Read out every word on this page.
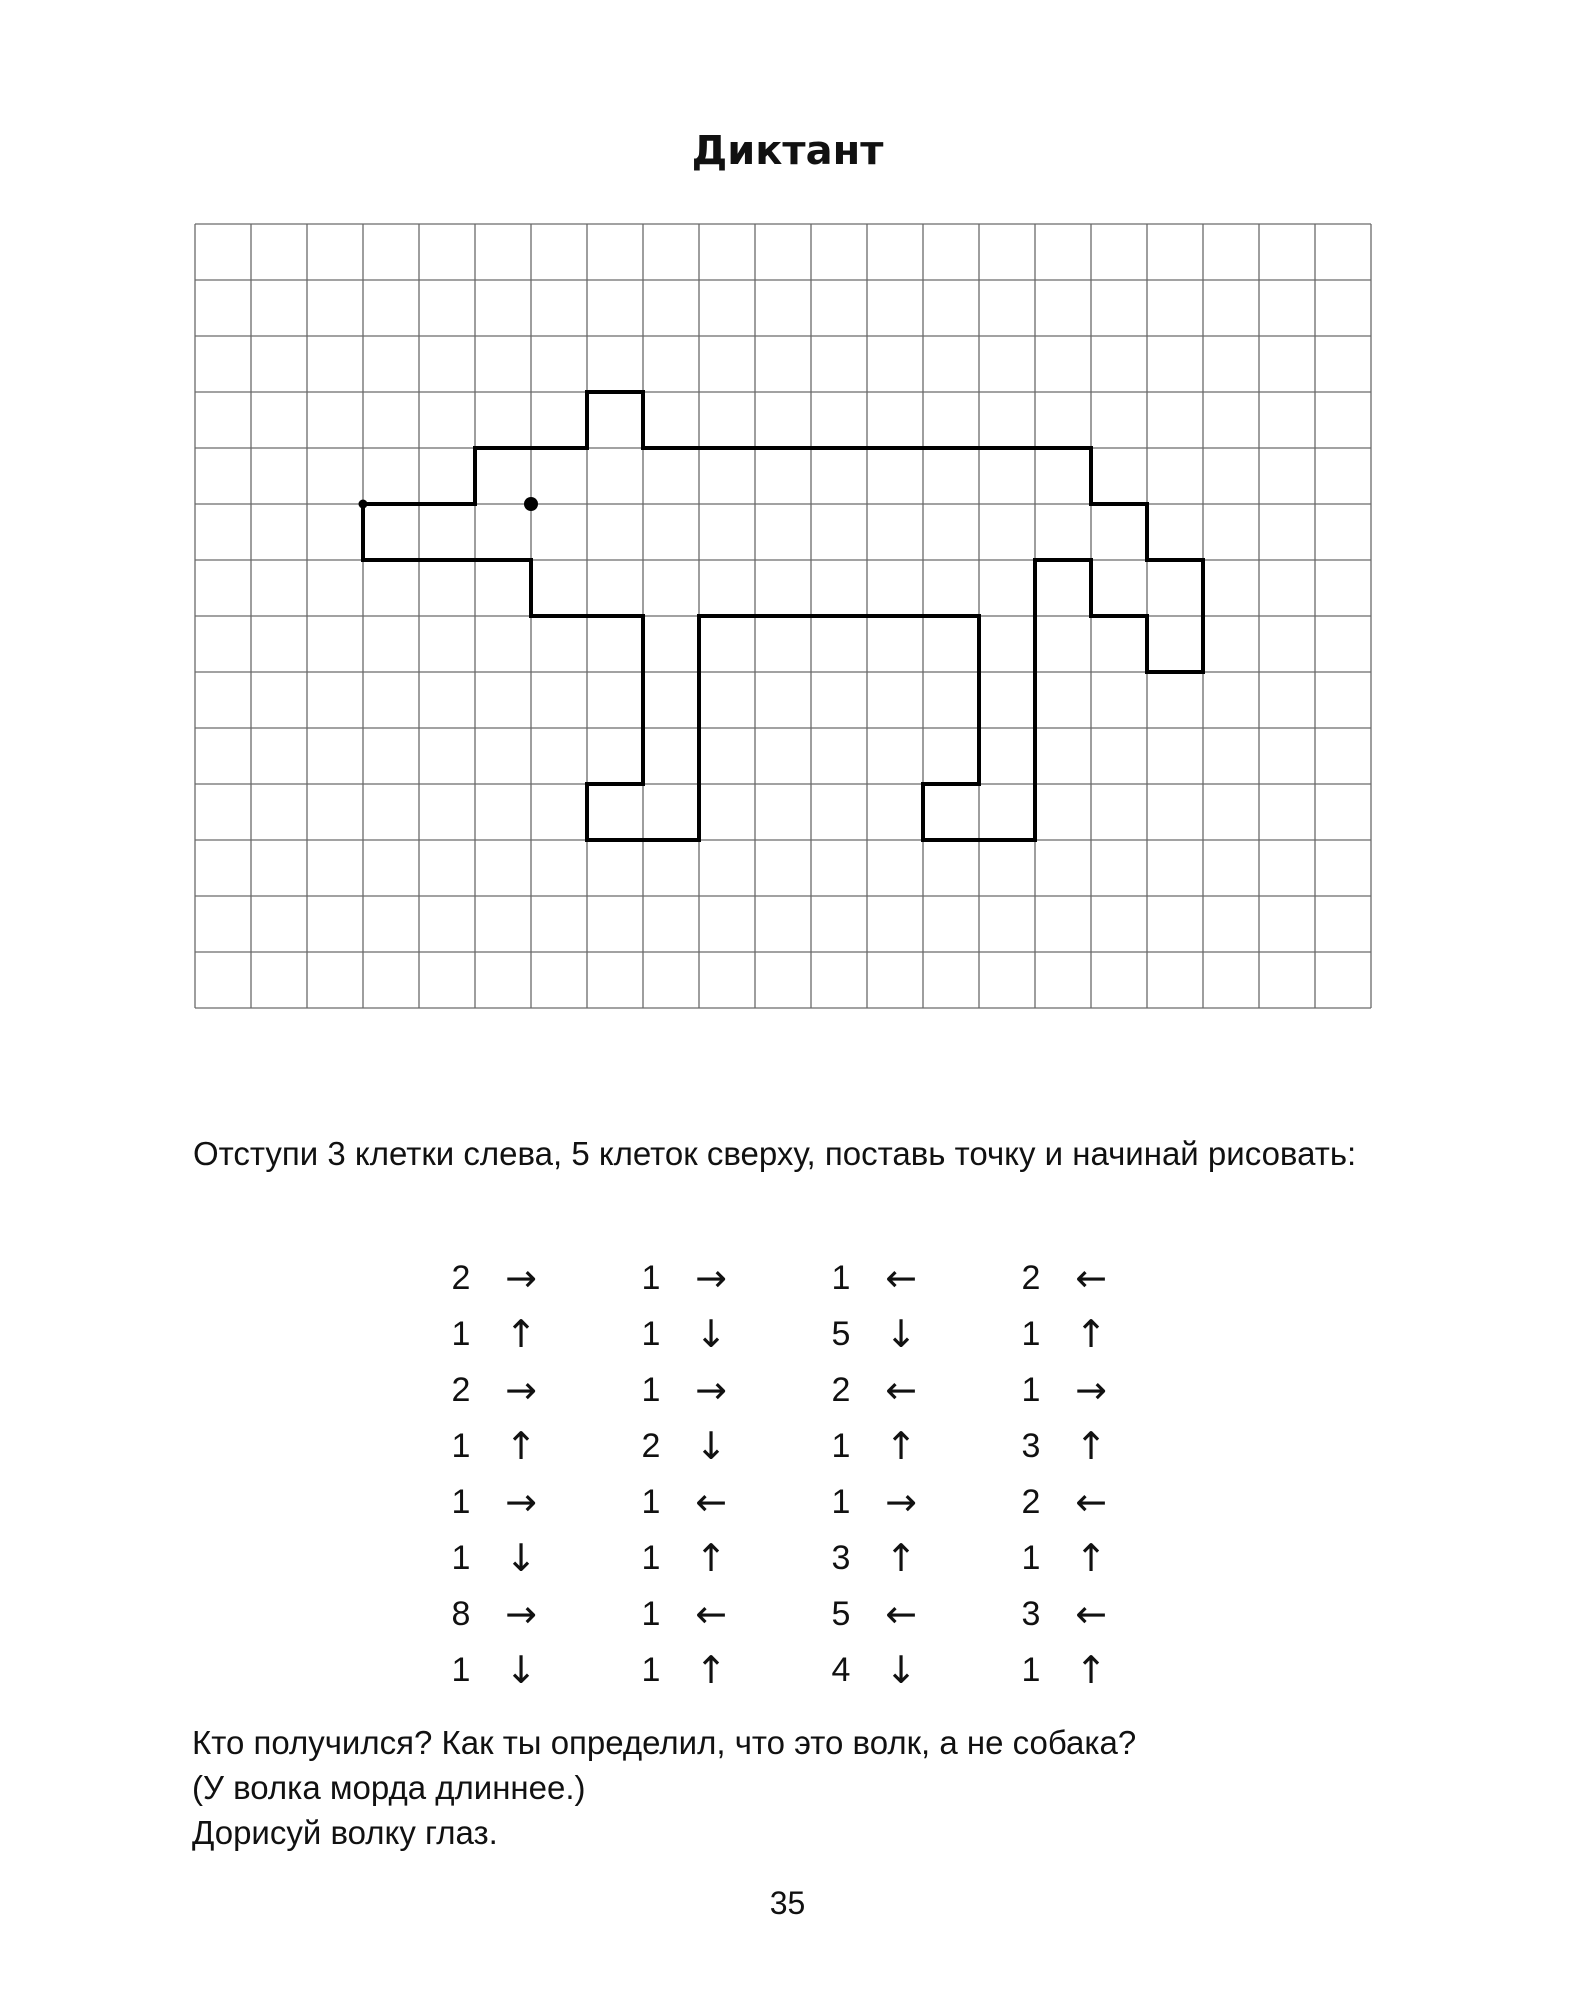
Диктант
Отступи 3 клетки слева, 5 клеток сверху, поставь точку и начинай рисовать:
2 →
1 ↑
2 →
1 ↑
1 →
1 ↓
8 →
1 ↓
1 →
1 ↓
1 →
2 ↓
1 ←
1 ↑
1 ←
1 ↑
1 ←
5 ↓
2 ←
1 ↑
1 →
3 ↑
5 ←
4 ↓
2 ←
1 ↑
1 →
3 ↑
2 ←
1 ↑
3 ←
1 ↑
Кто получился? Как ты определил, что это волк, а не собака?
(У волка морда длиннее.)
Дорисуй волку глаз.
35
